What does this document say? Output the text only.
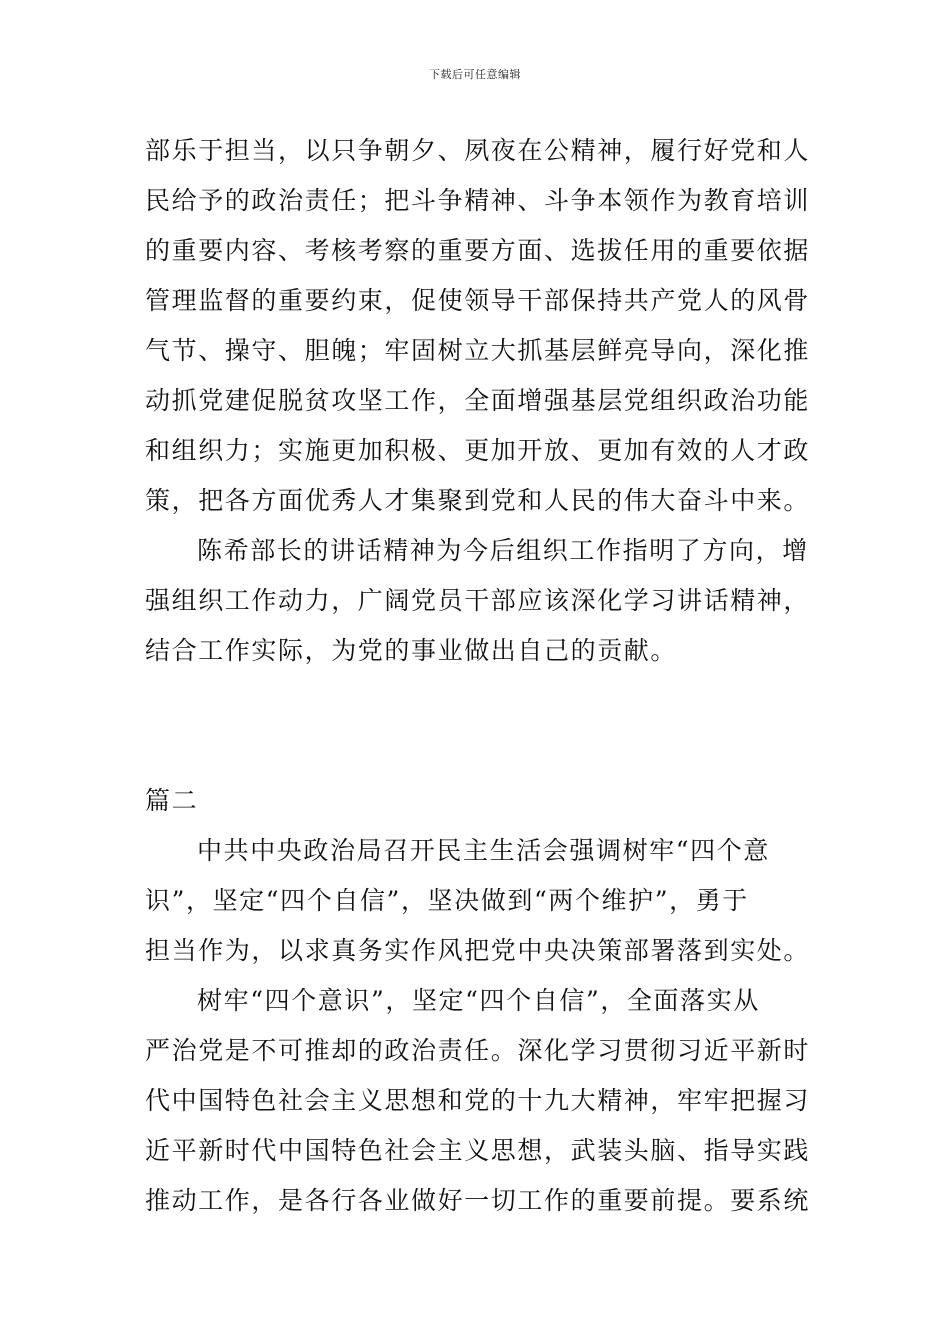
下载后可任意编辑
部乐于担当，以只争朝夕、夙夜在公精神，履行好党和人
民给予的政治责任；把斗争精神、斗争本领作为教育培训
的重要内容、考核考察的重要方面、选拔任用的重要依据
管理监督的重要约束，促使领导干部保持共产党人的风骨
气节、操守、胆魄；牢固树立大抓基层鲜亮导向，深化推
动抓党建促脱贫攻坚工作，全面增强基层党组织政治功能
和组织力；实施更加积极、更加开放、更加有效的人才政
策，把各方面优秀人才集聚到党和人民的伟大奋斗中来。
陈希部长的讲话精神为今后组织工作指明了方向，增
强组织工作动力，广阔党员干部应该深化学习讲话精神，
结合工作实际，为党的事业做出自己的贡献。
篇二
中共中央政治局召开民主生活会强调树牢“四个意
识”，坚定“四个自信”，坚决做到“两个维护”，勇于
担当作为，以求真务实作风把党中央决策部署落到实处。
树牢“四个意识”，坚定“四个自信”，全面落实从
严治党是不可推却的政治责任。深化学习贯彻习近平新时
代中国特色社会主义思想和党的十九大精神，牢牢把握习
近平新时代中国特色社会主义思想，武装头脑、指导实践
推动工作，是各行各业做好一切工作的重要前提。要系统
